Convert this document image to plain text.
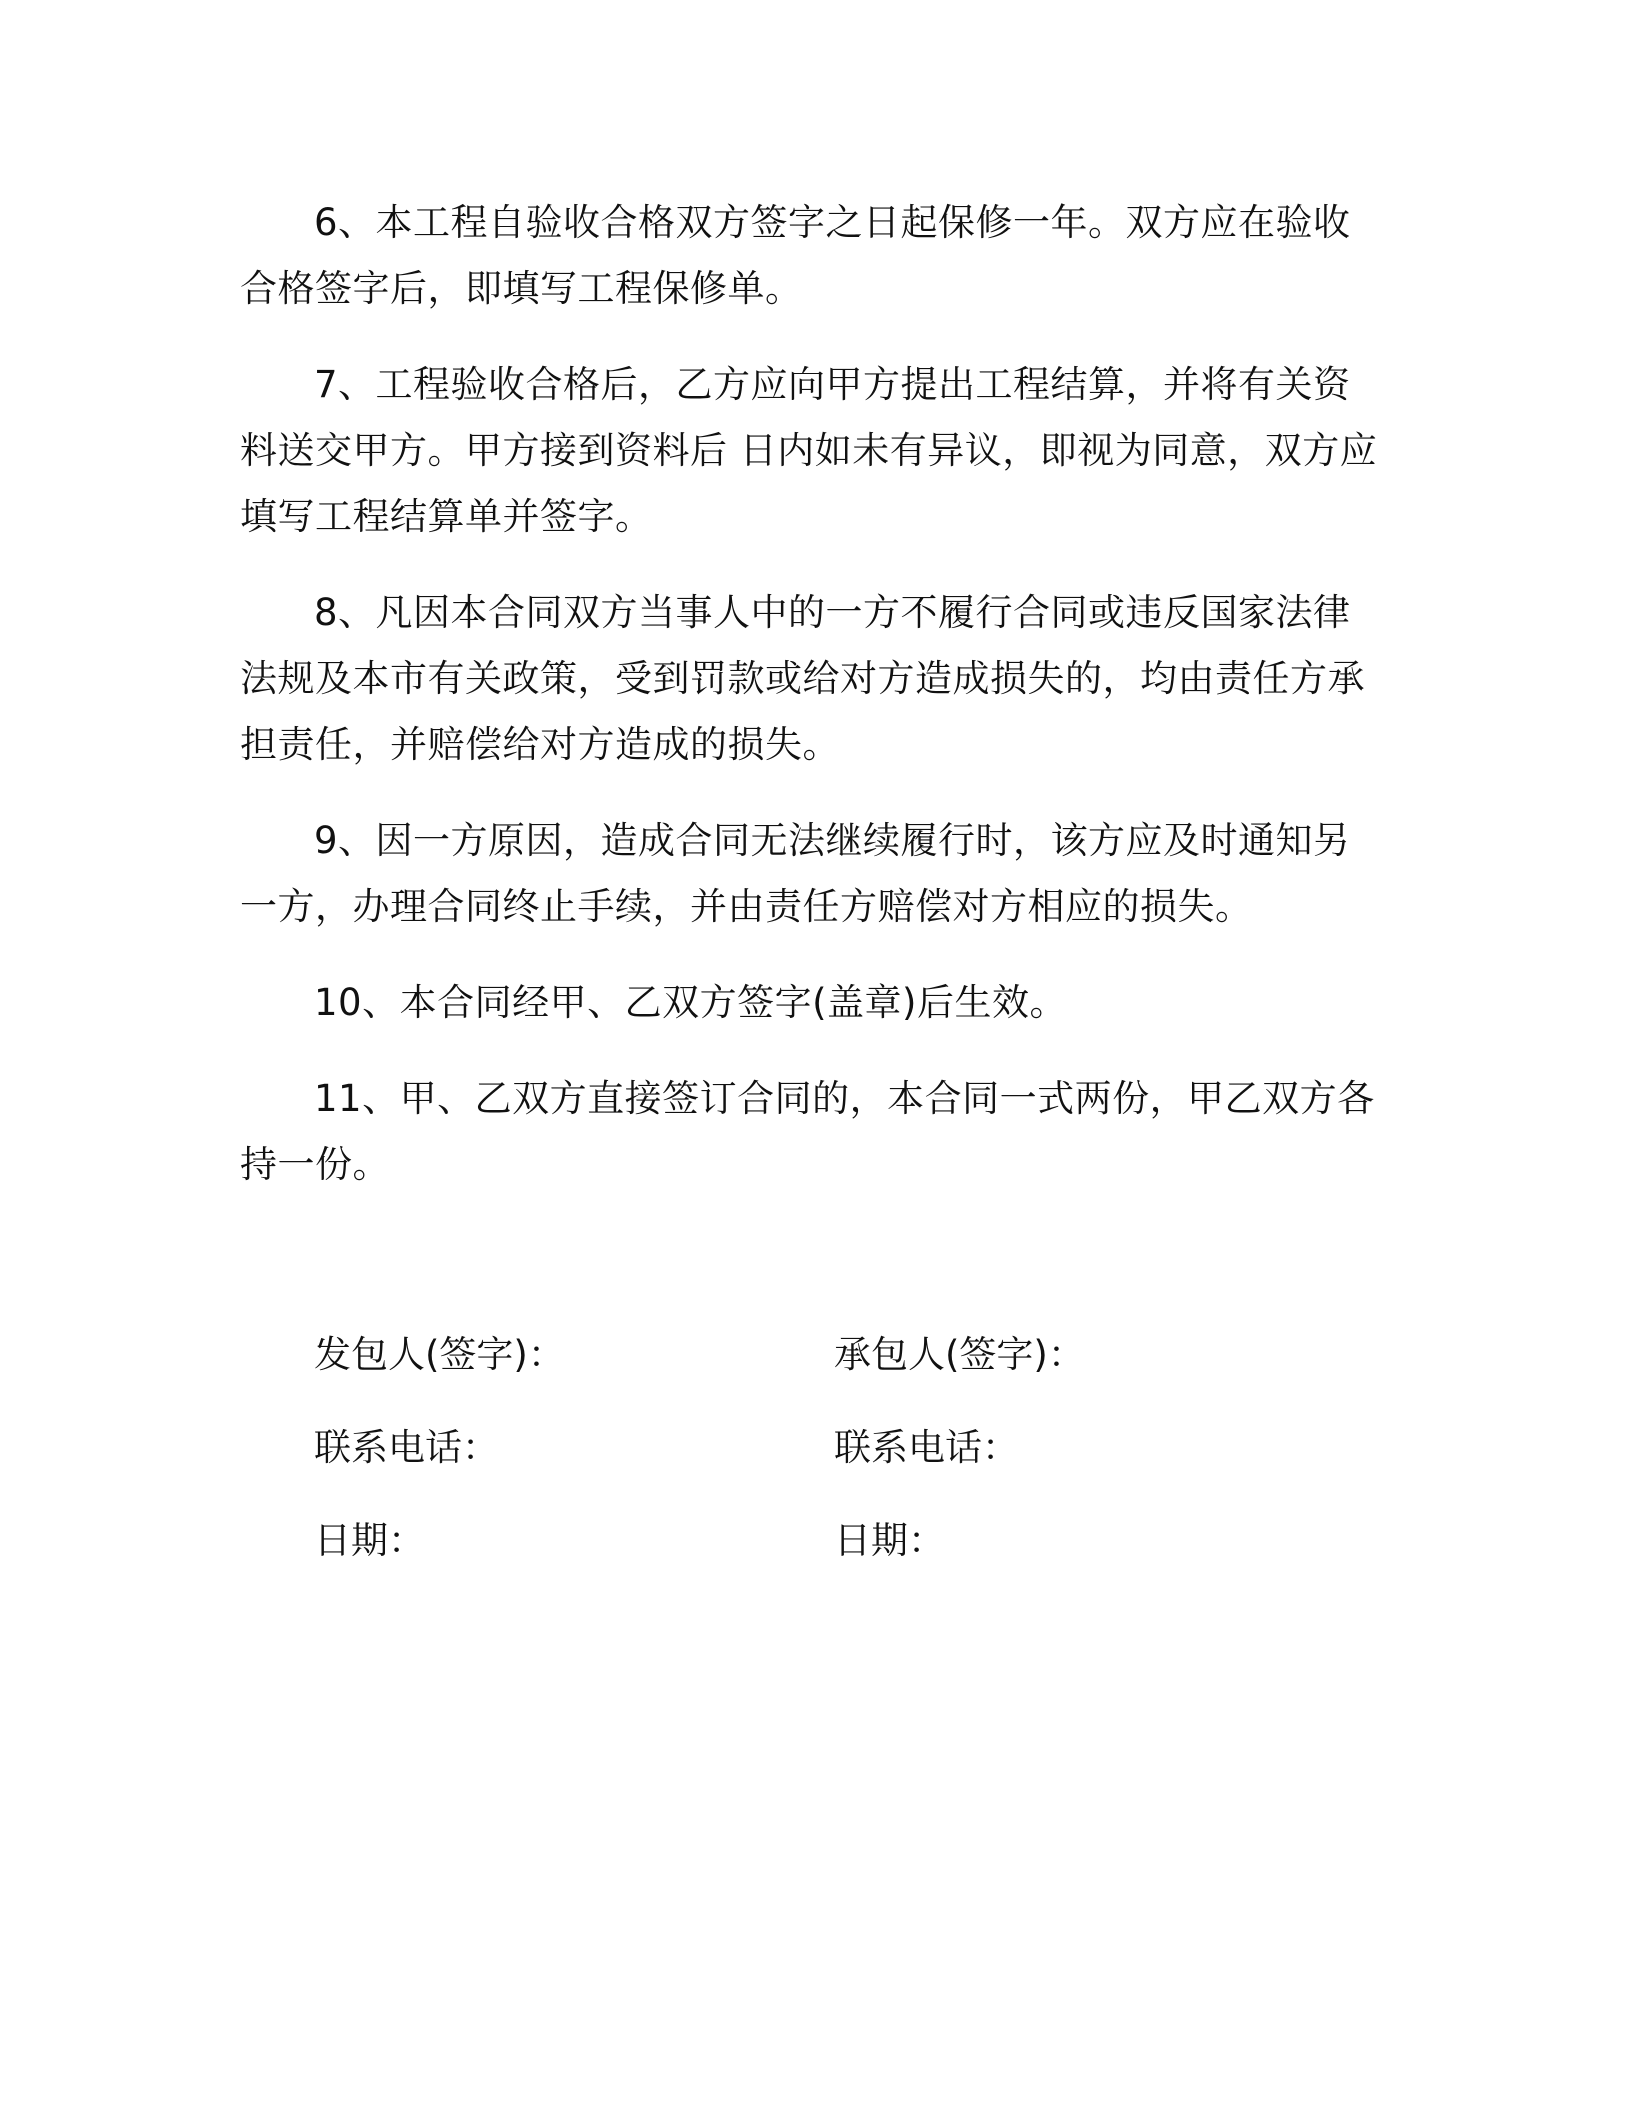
6、本工程自验收合格双方签字之日起保修一年。双方应在验收合格签字后，即填写工程保修单。

7、工程验收合格后，乙方应向甲方提出工程结算，并将有关资料送交甲方。甲方接到资料后 日内如未有异议，即视为同意，双方应填写工程结算单并签字。

8、凡因本合同双方当事人中的一方不履行合同或违反国家法律法规及本市有关政策，受到罚款或给对方造成损失的，均由责任方承担责任，并赔偿给对方造成的损失。

9、因一方原因，造成合同无法继续履行时，该方应及时通知另一方，办理合同终止手续，并由责任方赔偿对方相应的损失。

10、本合同经甲、乙双方签字(盖章)后生效。

11、甲、乙双方直接签订合同的，本合同一式两份，甲乙双方各持一份。

发包人(签字)：	承包人(签字)：
联系电话：	联系电话：
日期：	日期：
